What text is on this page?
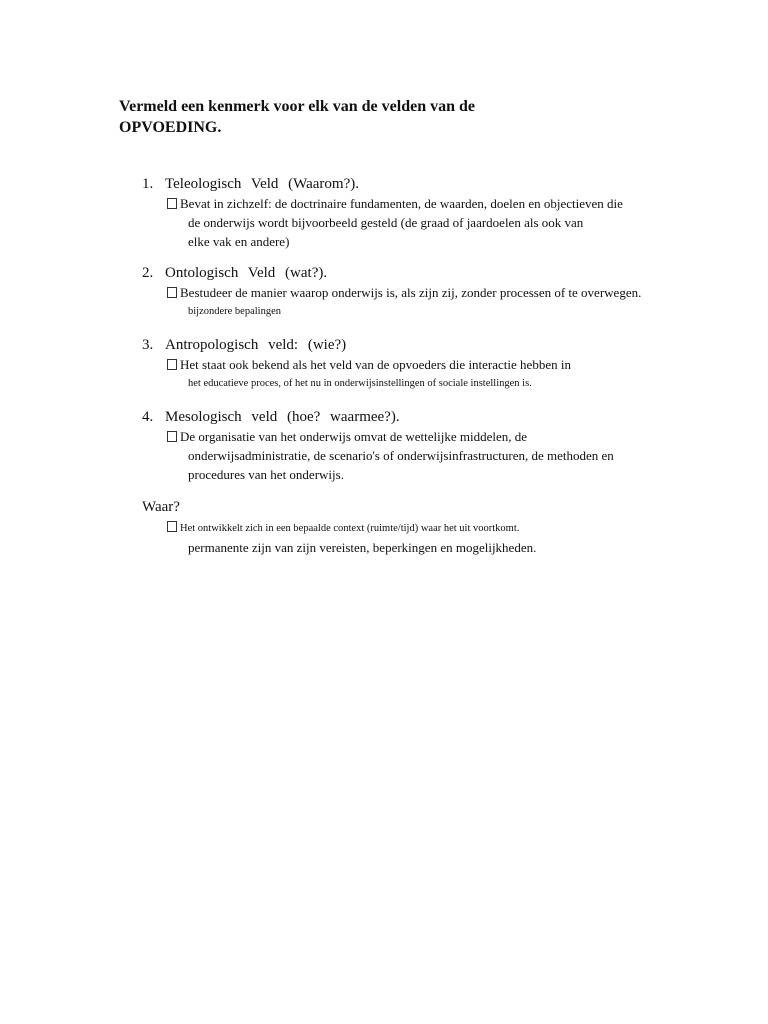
Vermeld een kenmerk voor elk van de velden van de
OPVOEDING.
1. Teleologisch Veld (Waarom?).
Bevat in zichzelf: de doctrinaire fundamenten, de waarden, doelen en objectieven die
de onderwijs wordt bijvoorbeeld gesteld (de graad of jaardoelen als ook van
elke vak en andere)
2. Ontologisch Veld (wat?).
Bestudeer de manier waarop onderwijs is, als zijn zij, zonder processen of te overwegen.
bijzondere bepalingen
3. Antropologisch veld: (wie?)
Het staat ook bekend als het veld van de opvoeders die interactie hebben in
het educatieve proces, of het nu in onderwijsinstellingen of sociale instellingen is.
4. Mesologisch veld (hoe? waarmee?).
De organisatie van het onderwijs omvat de wettelijke middelen, de
onderwijsadministratie, de scenario's of onderwijsinfrastructuren, de methoden en
procedures van het onderwijs.
Waar?
Het ontwikkelt zich in een bepaalde context (ruimte/tijd) waar het uit voortkomt.
permanente zijn van zijn vereisten, beperkingen en mogelijkheden.
